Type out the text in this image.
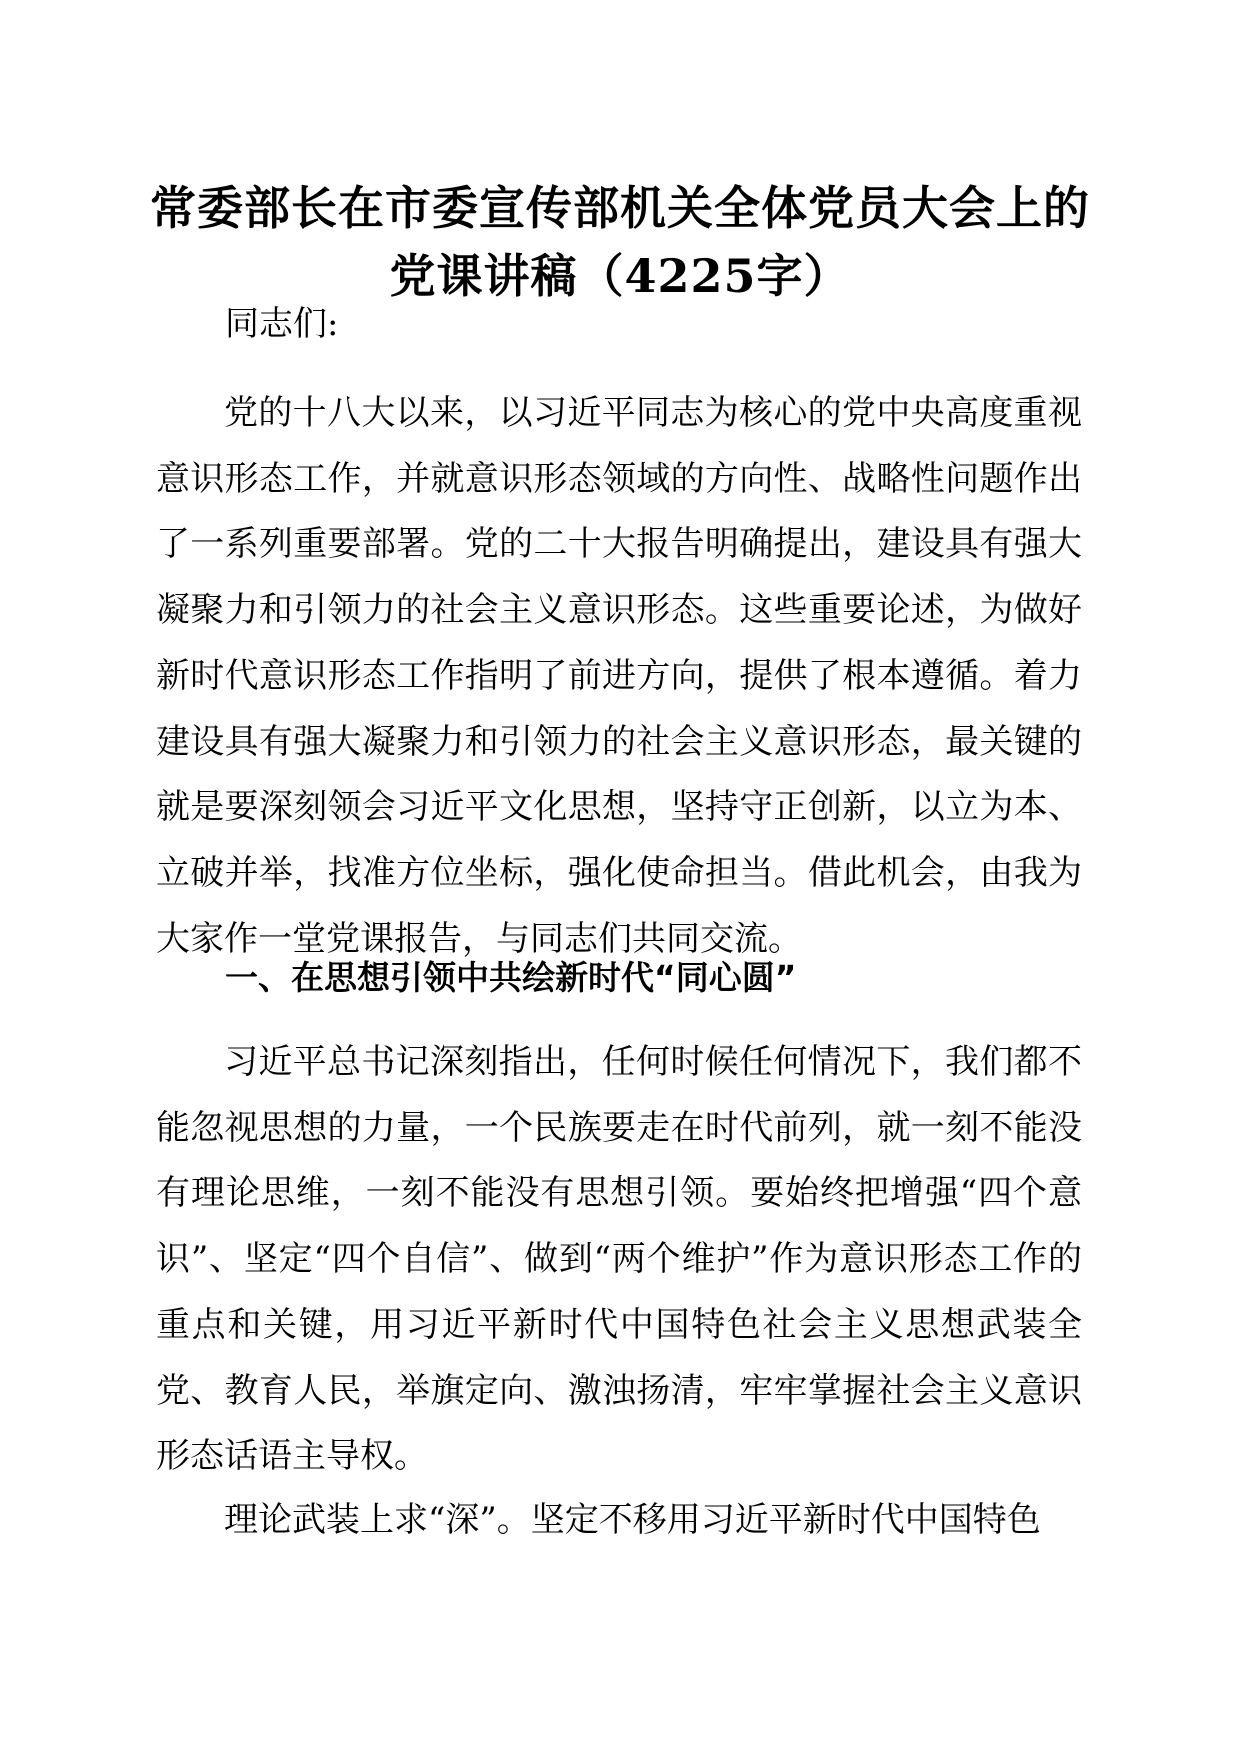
常委部长在市委宣传部机关全体党员大会上的
党课讲稿（4225字）

同志们:

党的十八大以来，以习近平同志为核心的党中央高度重视意识形态工作，并就意识形态领域的方向性、战略性问题作出了一系列重要部署。党的二十大报告明确提出，建设具有强大凝聚力和引领力的社会主义意识形态。这些重要论述，为做好新时代意识形态工作指明了前进方向，提供了根本遵循。着力建设具有强大凝聚力和引领力的社会主义意识形态，最关键的就是要深刻领会习近平文化思想，坚持守正创新，以立为本、立破并举，找准方位坐标，强化使命担当。借此机会，由我为大家作一堂党课报告，与同志们共同交流。

一、在思想引领中共绘新时代“同心圆”

习近平总书记深刻指出，任何时候任何情况下，我们都不能忽视思想的力量，一个民族要走在时代前列，就一刻不能没有理论思维，一刻不能没有思想引领。要始终把增强“四个意识”、坚定“四个自信”、做到“两个维护”作为意识形态工作的重点和关键，用习近平新时代中国特色社会主义思想武装全党、教育人民，举旗定向、激浊扬清，牢牢掌握社会主义意识形态话语主导权。

理论武装上求“深”。坚定不移用习近平新时代中国特色
